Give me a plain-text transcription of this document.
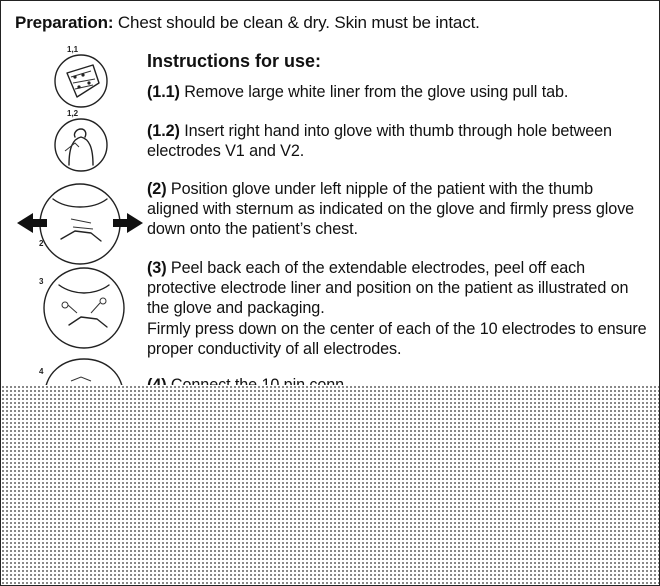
Preparation: Chest should be clean & dry. Skin must be intact.
Instructions for use:
1,1
1,2
2
3
4
(1.1) Remove large white liner from the glove using pull tab.
(1.2) Insert right hand into glove with thumb through hole between electrodes V1 and V2.
(2) Position glove under left nipple of the patient with the thumb aligned with sternum as indicated on the glove and firmly press glove down onto the patient’s chest.
(3) Peel back each of the extendable electrodes, peel off each protective electrode liner and position on the patient as illustrated on the glove and packaging.
Firmly press down on the center of each of the 10 electrodes to ensure proper conductivity of all electrodes.
